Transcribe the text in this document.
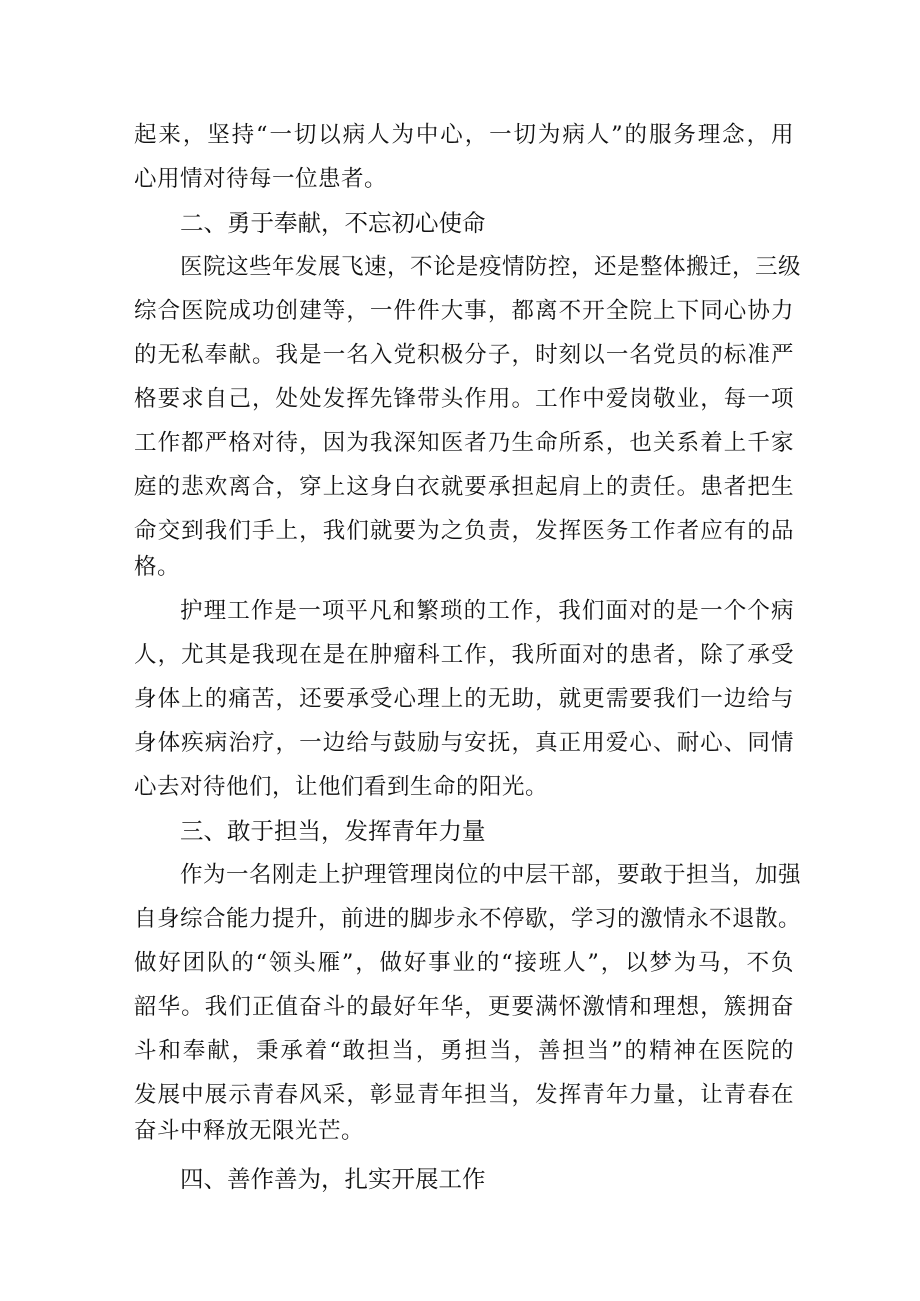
起来，坚持“一切以病人为中心，一切为病人”的服务理念，用
心用情对待每一位患者。
二、勇于奉献，不忘初心使命
医院这些年发展飞速，不论是疫情防控，还是整体搬迁，三级
综合医院成功创建等，一件件大事，都离不开全院上下同心协力
的无私奉献。我是一名入党积极分子，时刻以一名党员的标准严
格要求自己，处处发挥先锋带头作用。工作中爱岗敬业，每一项
工作都严格对待，因为我深知医者乃生命所系，也关系着上千家
庭的悲欢离合，穿上这身白衣就要承担起肩上的责任。患者把生
命交到我们手上，我们就要为之负责，发挥医务工作者应有的品
格。
护理工作是一项平凡和繁琐的工作，我们面对的是一个个病
人，尤其是我现在是在肿瘤科工作，我所面对的患者，除了承受
身体上的痛苦，还要承受心理上的无助，就更需要我们一边给与
身体疾病治疗，一边给与鼓励与安抚，真正用爱心、耐心、同情
心去对待他们，让他们看到生命的阳光。
三、敢于担当，发挥青年力量
作为一名刚走上护理管理岗位的中层干部，要敢于担当，加强
自身综合能力提升，前进的脚步永不停歇，学习的激情永不退散。
做好团队的“领头雁”，做好事业的“接班人”，以梦为马，不负
韶华。我们正值奋斗的最好年华，更要满怀激情和理想，簇拥奋
斗和奉献，秉承着“敢担当，勇担当，善担当”的精神在医院的
发展中展示青春风采，彰显青年担当，发挥青年力量，让青春在
奋斗中释放无限光芒。
四、善作善为，扎实开展工作
